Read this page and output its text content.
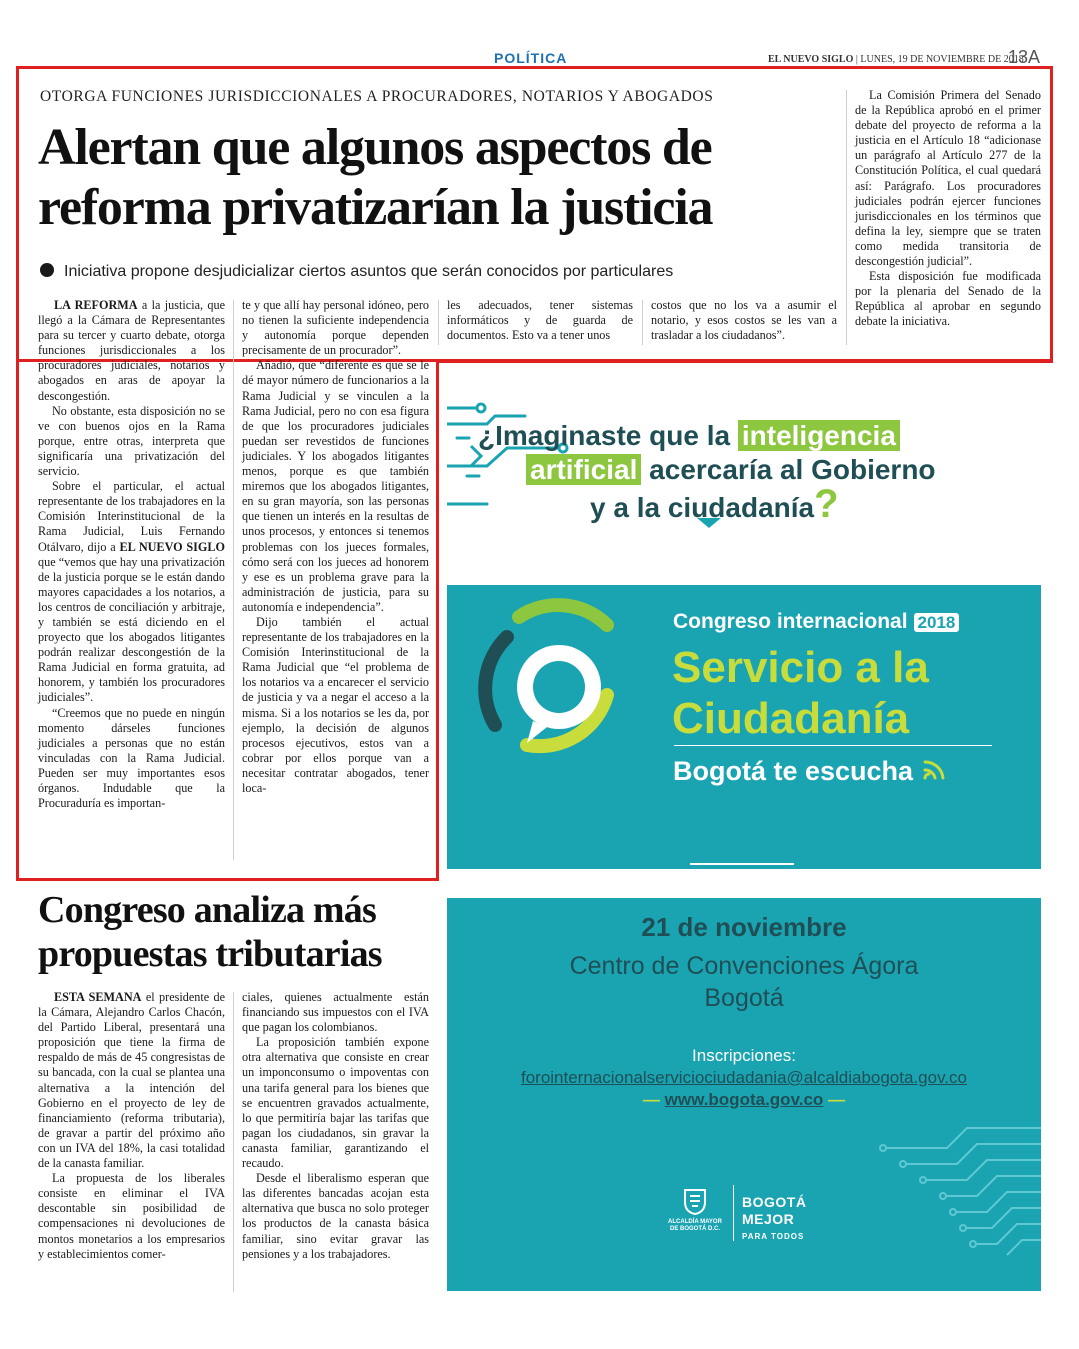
POLÍTICA	EL NUEVO SIGLO | LUNES, 19 DE NOVIEMBRE DE 2018
13A
OTORGA FUNCIONES JURISDICCIONALES A PROCURADORES, NOTARIOS Y ABOGADOS
Alertan que algunos aspectos de reforma privatizarían la justicia
Iniciativa propone desjudicializar ciertos asuntos que serán conocidos por particulares

LA REFORMA a la justicia, que llegó a la Cámara de Representantes para su tercer y cuarto debate, otorga funciones jurisdiccionales a los procuradores judiciales, notarios y abogados en aras de apoyar la descongestión.

No obstante, esta disposición no se ve con buenos ojos en la Rama porque, entre otras, interpreta que significaría una privatización del servicio.

Sobre el particular, el actual representante de los trabajadores en la Comisión Interinstitucional de la Rama Judicial, Luis Fernando Otálvaro, dijo a EL NUEVO SIGLO que “vemos que hay una privatización de la justicia porque se le están dando mayores capacidades a los notarios, a los centros de conciliación y arbitraje, y también se está diciendo en el proyecto que los abogados litigantes podrán realizar descongestión de la Rama Judicial en forma gratuita, ad honorem, y también los procuradores judiciales”.

“Creemos que no puede en ningún momento dárseles funciones judiciales a personas que no están vinculadas con la Rama Judicial. Pueden ser muy importantes esos órganos. Indudable que la Procuraduría es importan-

te y que allí hay personal idóneo, pero no tienen la suficiente independencia y autonomía porque dependen precisamente de un procurador”.

Añadió, que “diferente es que se le dé mayor número de funcionarios a la Rama Judicial y se vinculen a la Rama Judicial, pero no con esa figura de que los procuradores judiciales puedan ser revestidos de funciones judiciales. Y los abogados litigantes menos, porque es que también miremos que los abogados litigantes, en su gran mayoría, son las personas que tienen un interés en la resultas de unos procesos, y entonces si tenemos problemas con los jueces formales, cómo será con los jueces ad honorem y ese es un problema grave para la administración de justicia, para su autonomía e independencia”.

Dijo también el actual representante de los trabajadores en la Comisión Interinstitucional de la Rama Judicial que “el problema de los notarios va a encarecer el servicio de justicia y va a negar el acceso a la misma. Si a los notarios se les da, por ejemplo, la decisión de algunos procesos ejecutivos, estos van a cobrar por ellos porque van a necesitar contratar abogados, tener loca-

les adecuados, tener sistemas informáticos y de guarda de documentos. Esto va a tener unos

costos que no los va a asumir el notario, y esos costos se les van a trasladar a los ciudadanos”.

La Comisión Primera del Senado de la República aprobó en el primer debate del proyecto de reforma a la justicia en el Artículo 18 “adicionase un parágrafo al Artículo 277 de la Constitución Política, el cual quedará así: Parágrafo. Los procuradores judiciales podrán ejercer funciones jurisdiccionales en los términos que defina la ley, siempre que se traten como medida transitoria de descongestión judicial”.

Esta disposición fue modificada por la plenaria del Senado de la República al aprobar en segundo debate la iniciativa.

Congreso analiza más propuestas tributarias

ESTA SEMANA el presidente de la Cámara, Alejandro Carlos Chacón, del Partido Liberal, presentará una proposición que tiene la firma de respaldo de más de 45 congresistas de su bancada, con la cual se plantea una alternativa a la intención del Gobierno en el proyecto de ley de financiamiento (reforma tributaria), de gravar a partir del próximo año con un IVA del 18%, la casi totalidad de la canasta familiar.

La propuesta de los liberales consiste en eliminar el IVA descontable sin posibilidad de compensaciones ni devoluciones de montos monetarios a los empresarios y establecimientos comer-

ciales, quienes actualmente están financiando sus impuestos con el IVA que pagan los colombianos.

La proposición también expone otra alternativa que consiste en crear un imponconsumo o impoventas con una tarifa general para los bienes que se encuentren gravados actualmente, lo que permitiría bajar las tarifas que pagan los ciudadanos, sin gravar la canasta familiar, garantizando el recaudo.

Desde el liberalismo esperan que las diferentes bancadas acojan esta alternativa que busca no solo proteger los productos de la canasta básica familiar, sino evitar gravar las pensiones y a los trabajadores.

¿Imaginaste que la inteligencia
artificial acercaría al Gobierno
y a la ciudadanía?
Congreso internacional 2018
Servicio a la
Ciudadanía
Bogotá te escucha
21 de noviembre
Centro de Convenciones Ágora
Bogotá
Inscripciones:
forointernacionalserviciociudadania@alcaldiabogota.gov.co
— www.bogota.gov.co —
ALCALDÍA MAYOR DE BOGOTÁ D.C.
BOGOTÁ
MEJOR
PARA TODOS
